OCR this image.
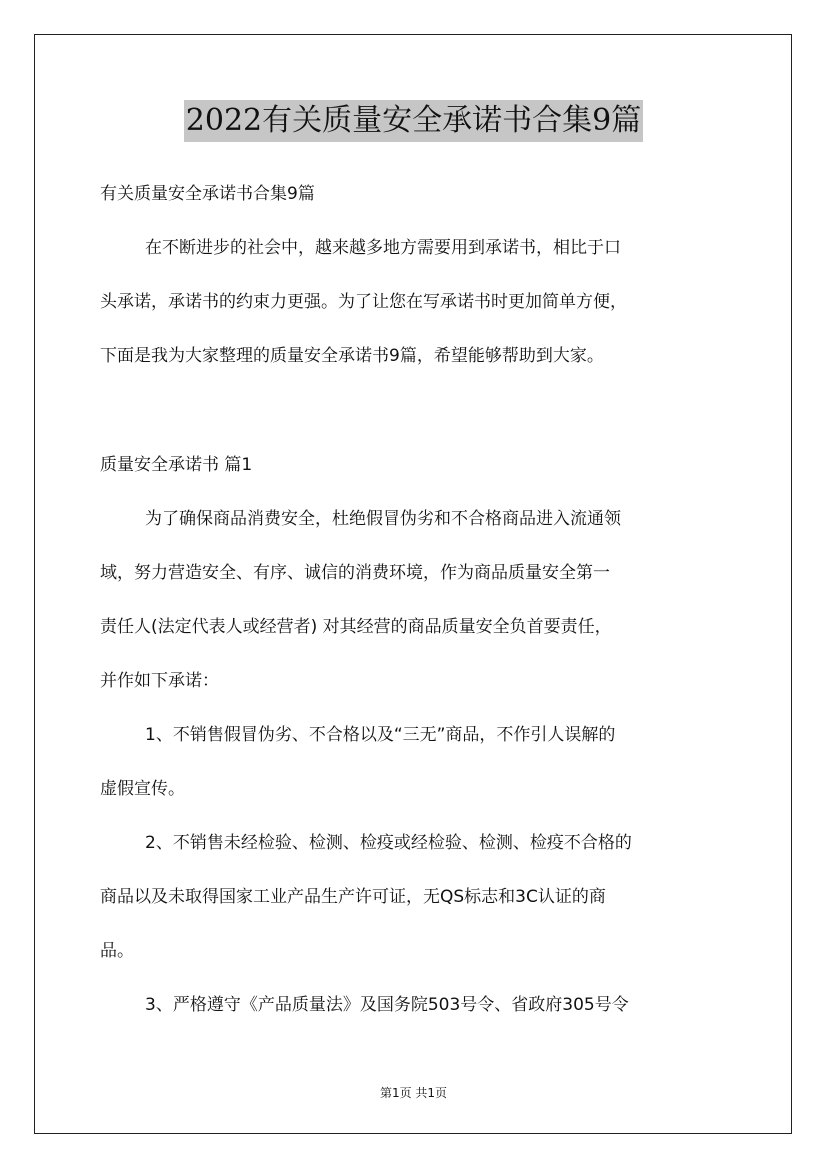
2022有关质量安全承诺书合集9篇
有关质量安全承诺书合集9篇
在不断进步的社会中，越来越多地方需要用到承诺书，相比于口
头承诺，承诺书的约束力更强。为了让您在写承诺书时更加简单方便，
下面是我为大家整理的质量安全承诺书9篇，希望能够帮助到大家。
质量安全承诺书 篇1
为了确保商品消费安全，杜绝假冒伪劣和不合格商品进入流通领
域，努力营造安全、有序、诚信的消费环境，作为商品质量安全第一
责任人(法定代表人或经营者) 对其经营的商品质量安全负首要责任，
并作如下承诺：
1、不销售假冒伪劣、不合格以及“三无”商品，不作引人误解的
虚假宣传。
2、不销售未经检验、检测、检疫或经检验、检测、检疫不合格的
商品以及未取得国家工业产品生产许可证，无QS标志和3C认证的商
品。
3、严格遵守《产品质量法》及国务院503号令、省政府305号令
第1页 共1页
